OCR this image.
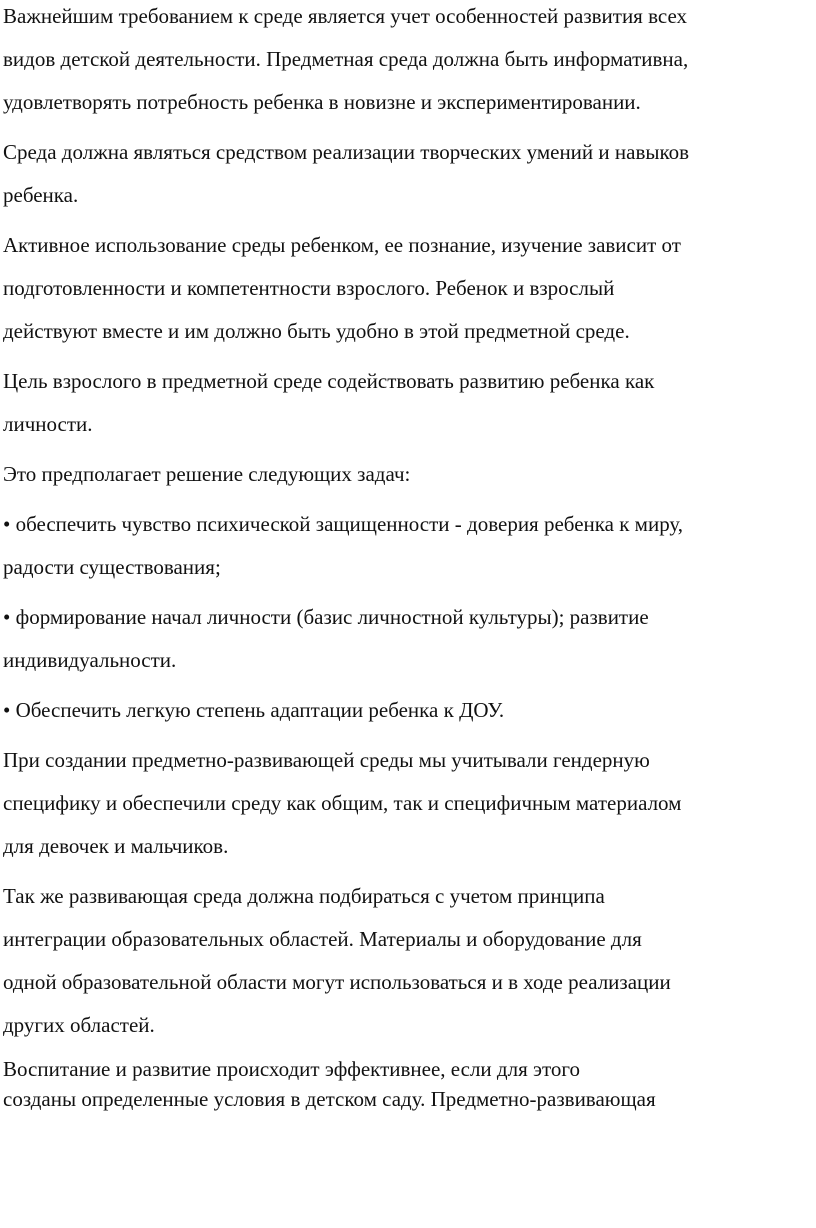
Важнейшим требованием к среде является учет особенностей развития всех
видов детской деятельности. Предметная среда должна быть информативна,
удовлетворять потребность ребенка в новизне и экспериментировании.

Среда должна являться средством реализации творческих умений и навыков
ребенка.

Активное использование среды ребенком, ее познание, изучение зависит от
подготовленности и компетентности взрослого. Ребенок и взрослый
действуют вместе и им должно быть удобно в этой предметной среде.

Цель взрослого в предметной среде содействовать развитию ребенка как
личности.

Это предполагает решение следующих задач:

• обеспечить чувство психической защищенности - доверия ребенка к миру,
радости существования;

• формирование начал личности (базис личностной культуры); развитие
индивидуальности.

• Обеспечить легкую степень адаптации ребенка к ДОУ.

При создании предметно-развивающей среды мы учитывали гендерную
специфику и обеспечили среду как общим, так и специфичным материалом
для девочек и мальчиков.

Так же развивающая среда должна подбираться с учетом принципа
интеграции образовательных областей. Материалы и оборудование для
одной образовательной области могут использоваться и в ходе реализации
других областей.

Воспитание и развитие происходит эффективнее, если для этого
созданы определенные условия в детском саду. Предметно-развивающая
